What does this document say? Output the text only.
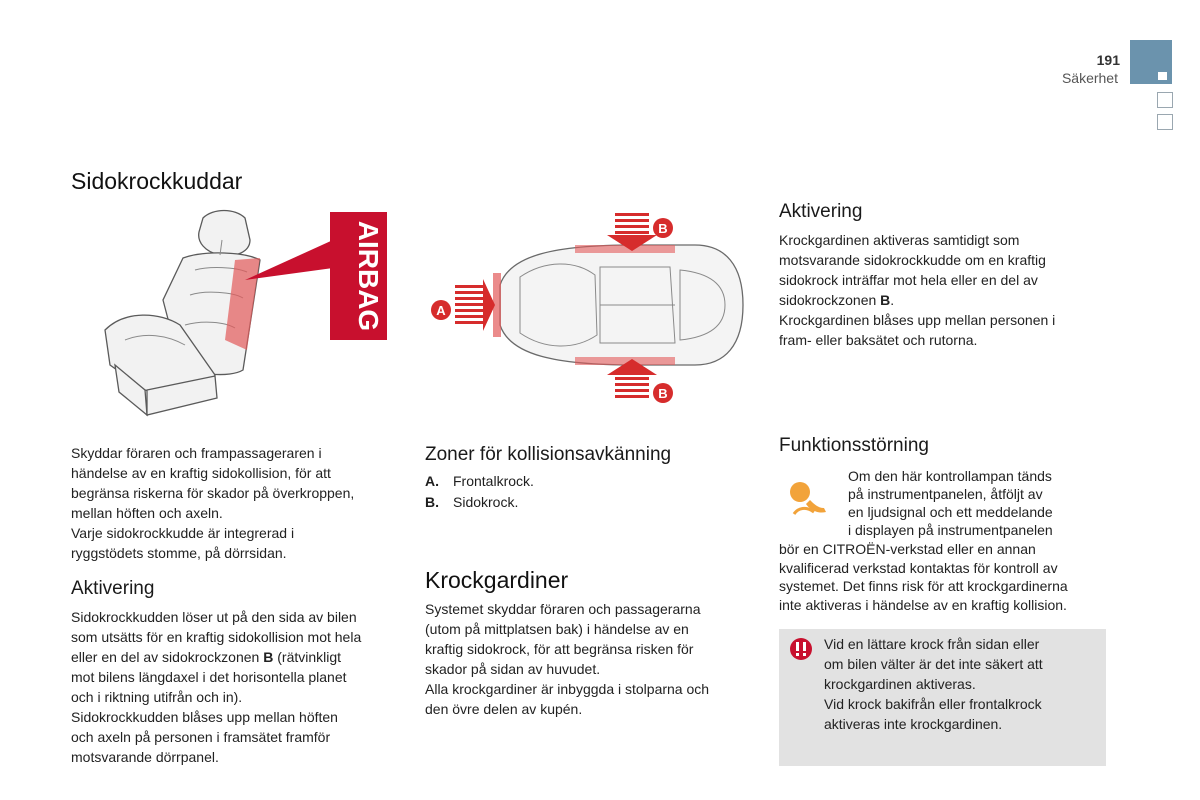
191
Säkerhet
Sidokrockkuddar
AIRBAG

Skyddar föraren och frampassageraren i

händelse av en kraftig sidokollision, för att

begränsa riskerna för skador på överkroppen,

mellan höften och axeln.

Varje sidokrockkudde är integrerad i

ryggstödets stomme, på dörrsidan.

Aktivering

Sidokrockkudden löser ut på den sida av bilen

som utsätts för en kraftig sidokollision mot hela

eller en del av sidokrockzonen B (rätvinkligt

mot bilens längdaxel i det horisontella planet

och i riktning utifrån och in).

Sidokrockkudden blåses upp mellan höften

och axeln på personen i framsätet framför

motsvarande dörrpanel.

A
B
B
Zoner för kollisionsavkänning
A. Frontalkrock.
B. Sidokrock.
Krockgardiner

Systemet skyddar föraren och passagerarna

(utom på mittplatsen bak) i händelse av en

kraftig sidokrock, för att begränsa risken för

skador på sidan av huvudet.

Alla krockgardiner är inbyggda i stolparna och

den övre delen av kupén.

Aktivering

Krockgardinen aktiveras samtidigt som

motsvarande sidokrockkudde om en kraftig

sidokrock inträffar mot hela eller en del av

sidokrockzonen B.

Krockgardinen blåses upp mellan personen i

fram- eller baksätet och rutorna.

Funktionsstörning

Om den här kontrollampan tänds

på instrumentpanelen, åtföljt av

en ljudsignal och ett meddelande

i displayen på instrumentpanelen

bör en CITROËN-verkstad eller en annan

kvalificerad verkstad kontaktas för kontroll av

systemet. Det finns risk för att krockgardinerna

inte aktiveras i händelse av en kraftig kollision.

Vid en lättare krock från sidan eller

om bilen välter är det inte säkert att

krockgardinen aktiveras.

Vid krock bakifrån eller frontalkrock

aktiveras inte krockgardinen.
